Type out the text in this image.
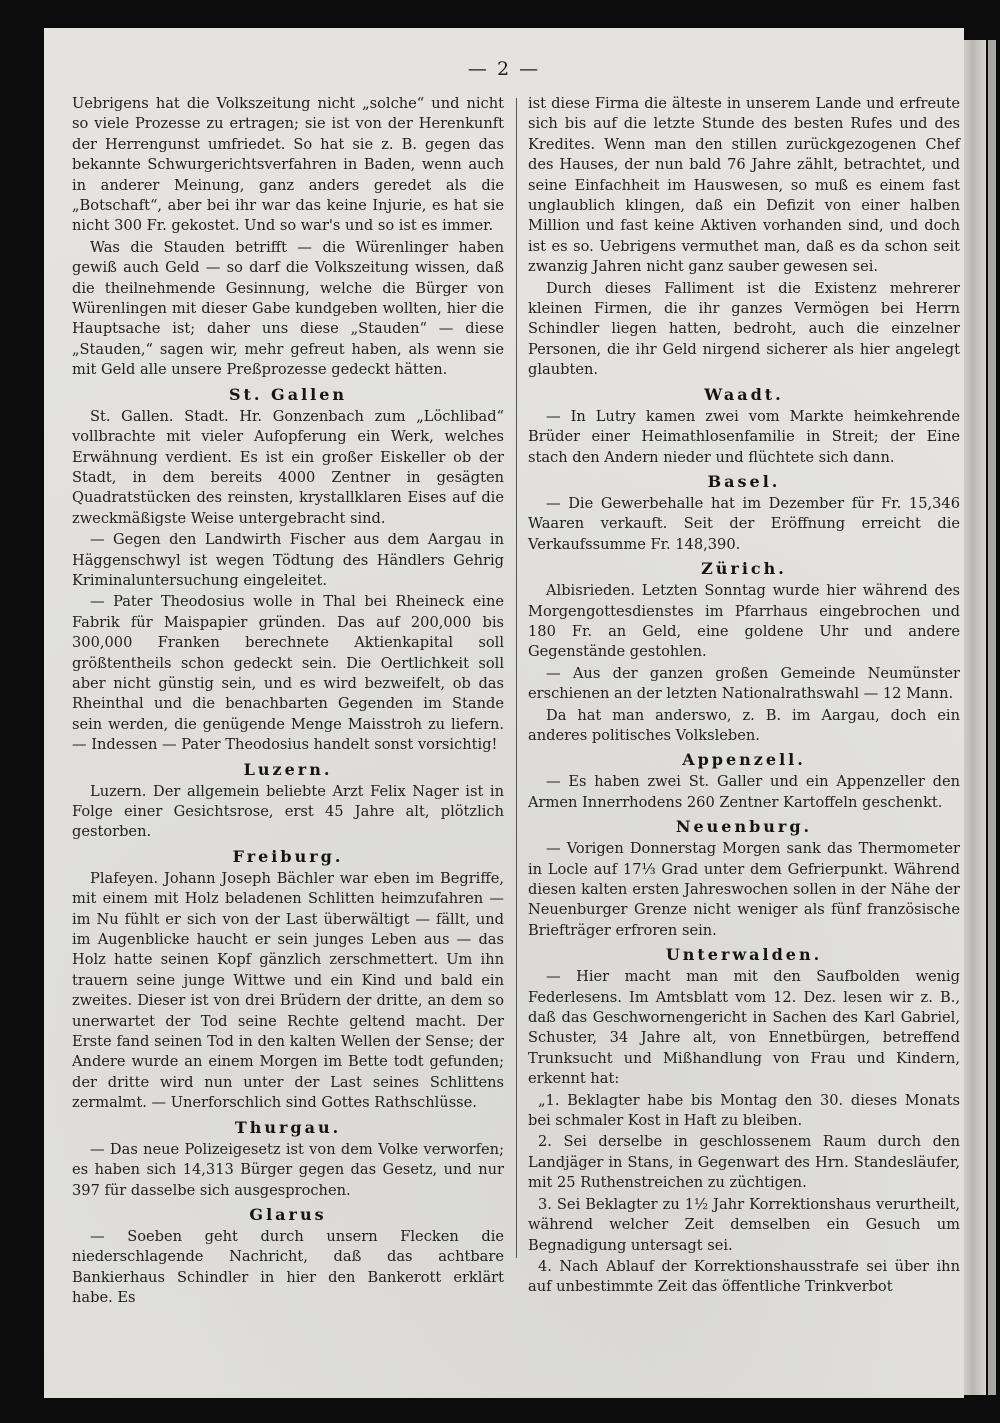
— 2 —

Uebrigens hat die Volkszeitung nicht „solche“ und nicht so viele Prozesse zu ertragen; sie ist von der Herenkunft der Herrengunst umfriedet. So hat sie z. B. gegen das bekannte Schwurgerichtsverfahren in Baden, wenn auch in anderer Meinung, ganz anders geredet als die „Botschaft“, aber bei ihr war das keine Injurie, es hat sie nicht 300 Fr. gekostet. Und so war's und so ist es immer.

Was die Stauden betrifft — die Würenlinger haben gewiß auch Geld — so darf die Volkszeitung wissen, daß die theilnehmende Gesinnung, welche die Bürger von Würenlingen mit dieser Gabe kundgeben wollten, hier die Hauptsache ist; daher uns diese „Stauden“ — diese „Stauden,“ sagen wir, mehr gefreut haben, als wenn sie mit Geld alle unsere Preßprozesse gedeckt hätten.

St. Gallen

St. Gallen. Stadt. Hr. Gonzenbach zum „Löchlibad“ vollbrachte mit vieler Aufopferung ein Werk, welches Erwähnung verdient. Es ist ein großer Eiskeller ob der Stadt, in dem bereits 4000 Zentner in gesägten Quadratstücken des reinsten, krystallklaren Eises auf die zweckmäßigste Weise untergebracht sind.

— Gegen den Landwirth Fischer aus dem Aargau in Häggenschwyl ist wegen Tödtung des Händlers Gehrig Kriminaluntersuchung eingeleitet.

— Pater Theodosius wolle in Thal bei Rheineck eine Fabrik für Maispapier gründen. Das auf 200,000 bis 300,000 Franken berechnete Aktienkapital soll größtentheils schon gedeckt sein. Die Oertlichkeit soll aber nicht günstig sein, und es wird bezweifelt, ob das Rheinthal und die benachbarten Gegenden im Stande sein werden, die genügende Menge Maisstroh zu liefern. — Indessen — Pater Theodosius handelt sonst vorsichtig!

Luzern.

Luzern. Der allgemein beliebte Arzt Felix Nager ist in Folge einer Gesichtsrose, erst 45 Jahre alt, plötzlich gestorben.

Freiburg.

Plafeyen. Johann Joseph Bächler war eben im Begriffe, mit einem mit Holz beladenen Schlitten heimzufahren — im Nu fühlt er sich von der Last überwältigt — fällt, und im Augenblicke haucht er sein junges Leben aus — das Holz hatte seinen Kopf gänzlich zerschmettert. Um ihn trauern seine junge Wittwe und ein Kind und bald ein zweites. Dieser ist von drei Brüdern der dritte, an dem so unerwartet der Tod seine Rechte geltend macht. Der Erste fand seinen Tod in den kalten Wellen der Sense; der Andere wurde an einem Morgen im Bette todt gefunden; der dritte wird nun unter der Last seines Schlittens zermalmt. — Unerforschlich sind Gottes Rathschlüsse.

Thurgau.

— Das neue Polizeigesetz ist von dem Volke verworfen; es haben sich 14,313 Bürger gegen das Gesetz, und nur 397 für dasselbe sich ausgesprochen.

Glarus

— Soeben geht durch unsern Flecken die niederschlagende Nachricht, daß das achtbare Bankierhaus Schindler in hier den Bankerott erklärt habe. Es

ist diese Firma die älteste in unserem Lande und erfreute sich bis auf die letzte Stunde des besten Rufes und des Kredites. Wenn man den stillen zurückgezogenen Chef des Hauses, der nun bald 76 Jahre zählt, betrachtet, und seine Einfachheit im Hauswesen, so muß es einem fast unglaublich klingen, daß ein Defizit von einer halben Million und fast keine Aktiven vorhanden sind, und doch ist es so. Uebrigens vermuthet man, daß es da schon seit zwanzig Jahren nicht ganz sauber gewesen sei.

Durch dieses Falliment ist die Existenz mehrerer kleinen Firmen, die ihr ganzes Vermögen bei Herrn Schindler liegen hatten, bedroht, auch die einzelner Personen, die ihr Geld nirgend sicherer als hier angelegt glaubten.

Waadt.

— In Lutry kamen zwei vom Markte heimkehrende Brüder einer Heimathlosenfamilie in Streit; der Eine stach den Andern nieder und flüchtete sich dann.

Basel.

— Die Gewerbehalle hat im Dezember für Fr. 15,346 Waaren verkauft. Seit der Eröffnung erreicht die Verkaufssumme Fr. 148,390.

Zürich.

Albisrieden. Letzten Sonntag wurde hier während des Morgengottesdienstes im Pfarrhaus eingebrochen und 180 Fr. an Geld, eine goldene Uhr und andere Gegenstände gestohlen.

— Aus der ganzen großen Gemeinde Neumünster erschienen an der letzten Nationalrathswahl — 12 Mann.

Da hat man anderswo, z. B. im Aargau, doch ein anderes politisches Volksleben.

Appenzell.

— Es haben zwei St. Galler und ein Appenzeller den Armen Innerrhodens 260 Zentner Kartoffeln geschenkt.

Neuenburg.

— Vorigen Donnerstag Morgen sank das Thermometer in Locle auf 17⅓ Grad unter dem Gefrierpunkt. Während diesen kalten ersten Jahreswochen sollen in der Nähe der Neuenburger Grenze nicht weniger als fünf französische Briefträger erfroren sein.

Unterwalden.

— Hier macht man mit den Saufbolden wenig Federlesens. Im Amtsblatt vom 12. Dez. lesen wir z. B., daß das Geschwornengericht in Sachen des Karl Gabriel, Schuster, 34 Jahre alt, von Ennetbürgen, betreffend Trunksucht und Mißhandlung von Frau und Kindern, erkennt hat:

„1. Beklagter habe bis Montag den 30. dieses Monats bei schmaler Kost in Haft zu bleiben.

2. Sei derselbe in geschlossenem Raum durch den Landjäger in Stans, in Gegenwart des Hrn. Standesläufer, mit 25 Ruthenstreichen zu züchtigen.

3. Sei Beklagter zu 1½ Jahr Korrektionshaus verurtheilt, während welcher Zeit demselben ein Gesuch um Begnadigung untersagt sei.

4. Nach Ablauf der Korrektionshausstrafe sei über ihn auf unbestimmte Zeit das öffentliche Trinkverbot
